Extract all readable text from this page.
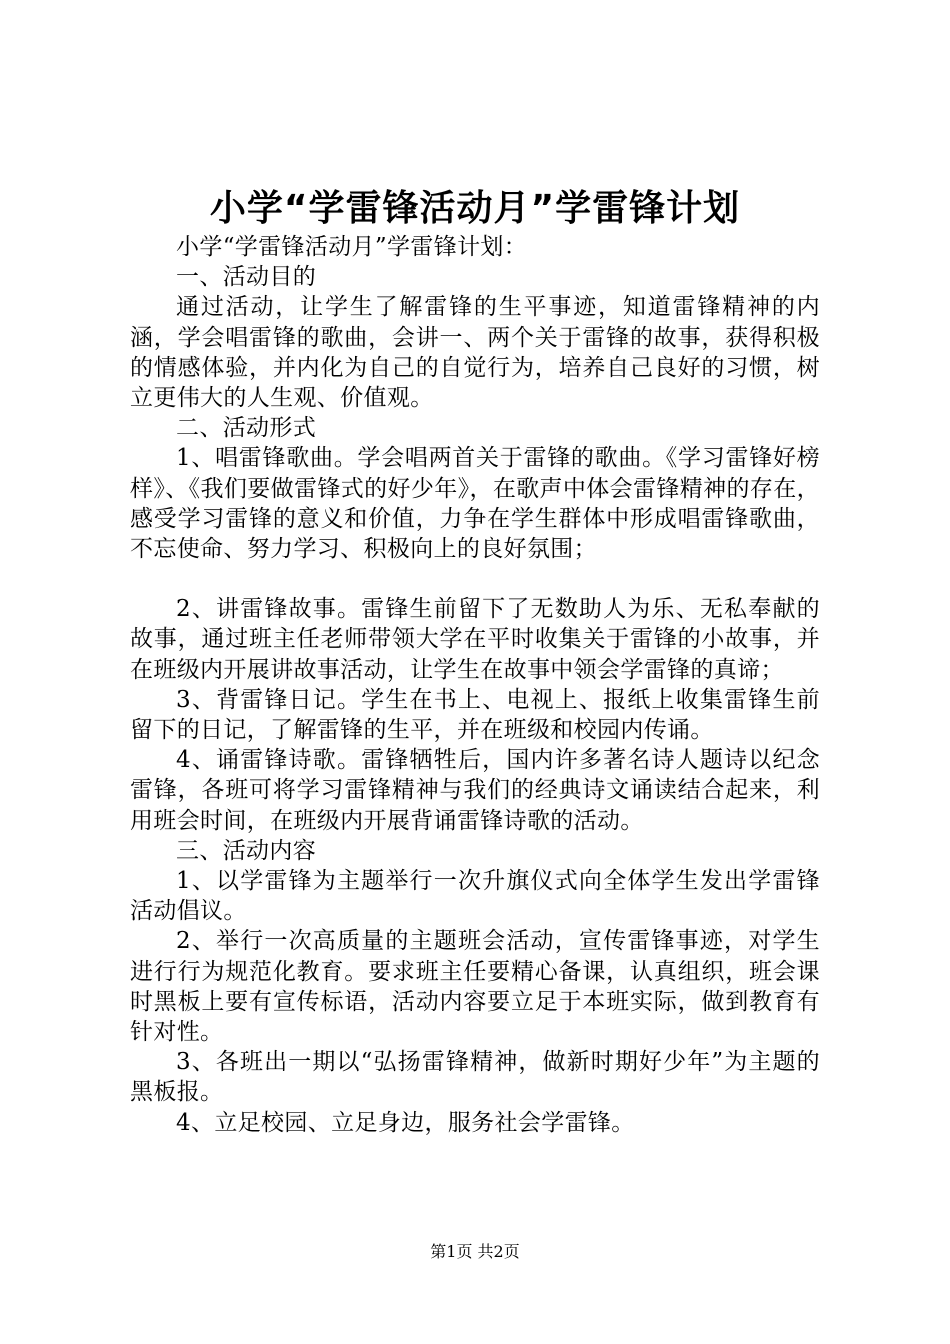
小学“学雷锋活动月”学雷锋计划

小学“学雷锋活动月”学雷锋计划：

一、活动目的

通过活动，让学生了解雷锋的生平事迹，知道雷锋精神的内涵，学会唱雷锋的歌曲，会讲一、两个关于雷锋的故事，获得积极的情感体验，并内化为自己的自觉行为，培养自己良好的习惯，树立更伟大的人生观、价值观。

二、活动形式

1、唱雷锋歌曲。学会唱两首关于雷锋的歌曲。《学习雷锋好榜样》、《我们要做雷锋式的好少年》，在歌声中体会雷锋精神的存在，感受学习雷锋的意义和价值，力争在学生群体中形成唱雷锋歌曲，不忘使命、努力学习、积极向上的良好氛围；

2、讲雷锋故事。雷锋生前留下了无数助人为乐、无私奉献的故事，通过班主任老师带领大学在平时收集关于雷锋的小故事，并在班级内开展讲故事活动，让学生在故事中领会学雷锋的真谛；

3、背雷锋日记。学生在书上、电视上、报纸上收集雷锋生前留下的日记，了解雷锋的生平，并在班级和校园内传诵。

4、诵雷锋诗歌。雷锋牺牲后，国内许多著名诗人题诗以纪念雷锋，各班可将学习雷锋精神与我们的经典诗文诵读结合起来，利用班会时间，在班级内开展背诵雷锋诗歌的活动。

三、活动内容

1、以学雷锋为主题举行一次升旗仪式向全体学生发出学雷锋活动倡议。

2、举行一次高质量的主题班会活动，宣传雷锋事迹，对学生进行行为规范化教育。要求班主任要精心备课，认真组织，班会课时黑板上要有宣传标语，活动内容要立足于本班实际，做到教育有针对性。

3、各班出一期以“弘扬雷锋精神，做新时期好少年”为主题的黑板报。

4、立足校园、立足身边，服务社会学雷锋。

第1页 共2页
